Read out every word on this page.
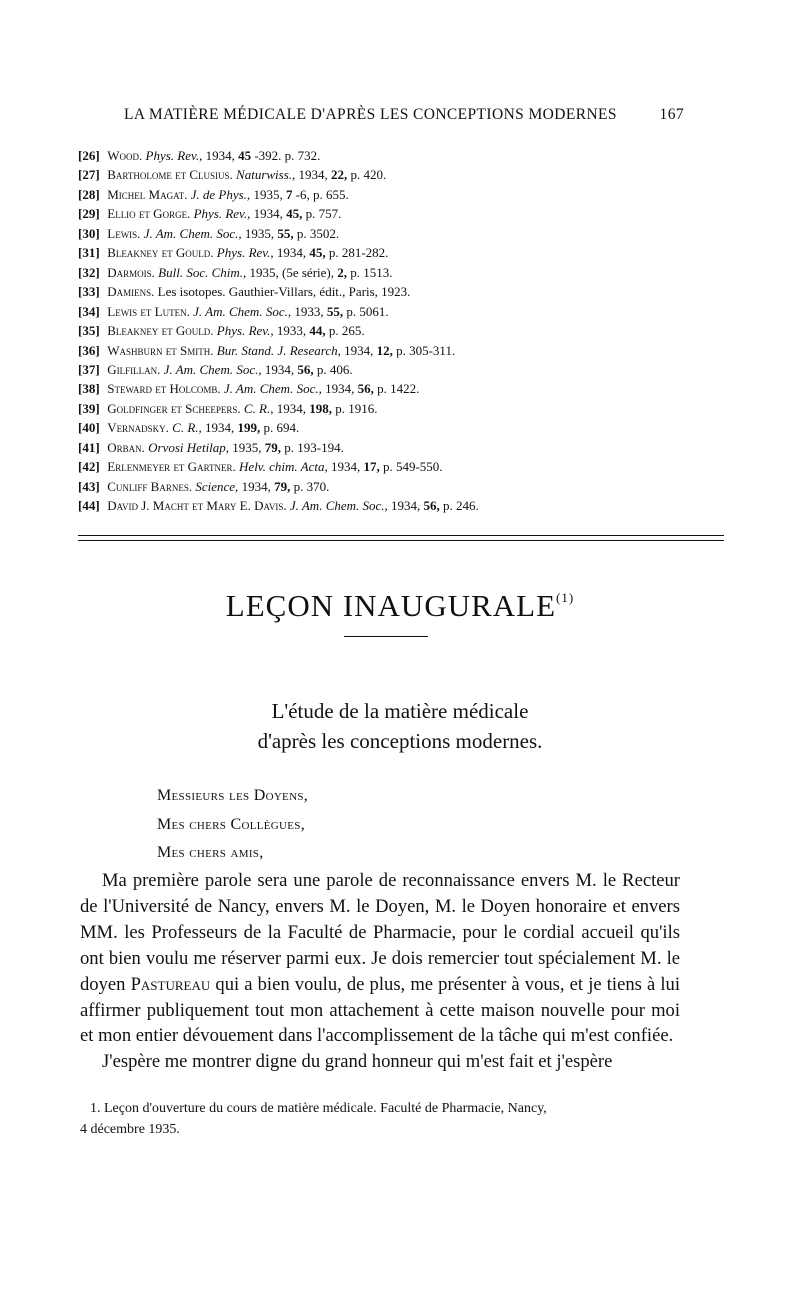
LA MATIÈRE MÉDICALE D'APRÈS LES CONCEPTIONS MODERNES	167
[26] Wood. Phys. Rev., 1934, 45 -392. p. 732.
[27] Bartholome et Clusius. Naturwiss., 1934, 22, p. 420.
[28] Michel Magat. J. de Phys., 1935, 7 -6, p. 655.
[29] Ellio et Gorge. Phys. Rev., 1934, 45, p. 757.
[30] Lewis. J. Am. Chem. Soc., 1935, 55, p. 3502.
[31] Bleakney et Gould. Phys. Rev., 1934, 45, p. 281-282.
[32] Darmois. Bull. Soc. Chim., 1935, (5e série), 2, p. 1513.
[33] Damiens. Les isotopes. Gauthier-Villars, édit., Paris, 1923.
[34] Lewis et Luten. J. Am. Chem. Soc., 1933, 55, p. 5061.
[35] Bleakney et Gould. Phys. Rev., 1933, 44, p. 265.
[36] Washburn et Smith. Bur. Stand. J. Research, 1934, 12, p. 305-311.
[37] Gilfillan. J. Am. Chem. Soc., 1934, 56, p. 406.
[38] Steward et Holcomb. J. Am. Chem. Soc., 1934, 56, p. 1422.
[39] Goldfinger et Scheepers. C. R., 1934, 198, p. 1916.
[40] Vernadsky. C. R., 1934, 199, p. 694.
[41] Orban. Orvosi Hetilap, 1935, 79, p. 193-194.
[42] Erlenmeyer et Gartner. Helv. chim. Acta, 1934, 17, p. 549-550.
[43] Cunliff Barnes. Science, 1934, 79, p. 370.
[44] David J. Macht et Mary E. Davis. J. Am. Chem. Soc., 1934, 56, p. 246.
LEÇON INAUGURALE$^{(1)}$
L'étude de la matière médicale
d'après les conceptions modernes.
Messieurs les Doyens,
Mes chers Collègues,
Mes chers amis,

Ma première parole sera une parole de reconnaissance envers M. le Recteur de l'Université de Nancy, envers M. le Doyen, M. le Doyen honoraire et envers MM. les Professeurs de la Faculté de Pharmacie, pour le cordial accueil qu'ils ont bien voulu me réserver parmi eux. Je dois remercier tout spécialement M. le doyen Pastureau qui a bien voulu, de plus, me présenter à vous, et je tiens à lui affirmer publiquement tout mon attachement à cette maison nouvelle pour moi et mon entier dévouement dans l'accomplissement de la tâche qui m'est confiée.

J'espère me montrer digne du grand honneur qui m'est fait et j'espère

1. Leçon d'ouverture du cours de matière médicale. Faculté de Pharmacie, Nancy,

4 décembre 1935.
